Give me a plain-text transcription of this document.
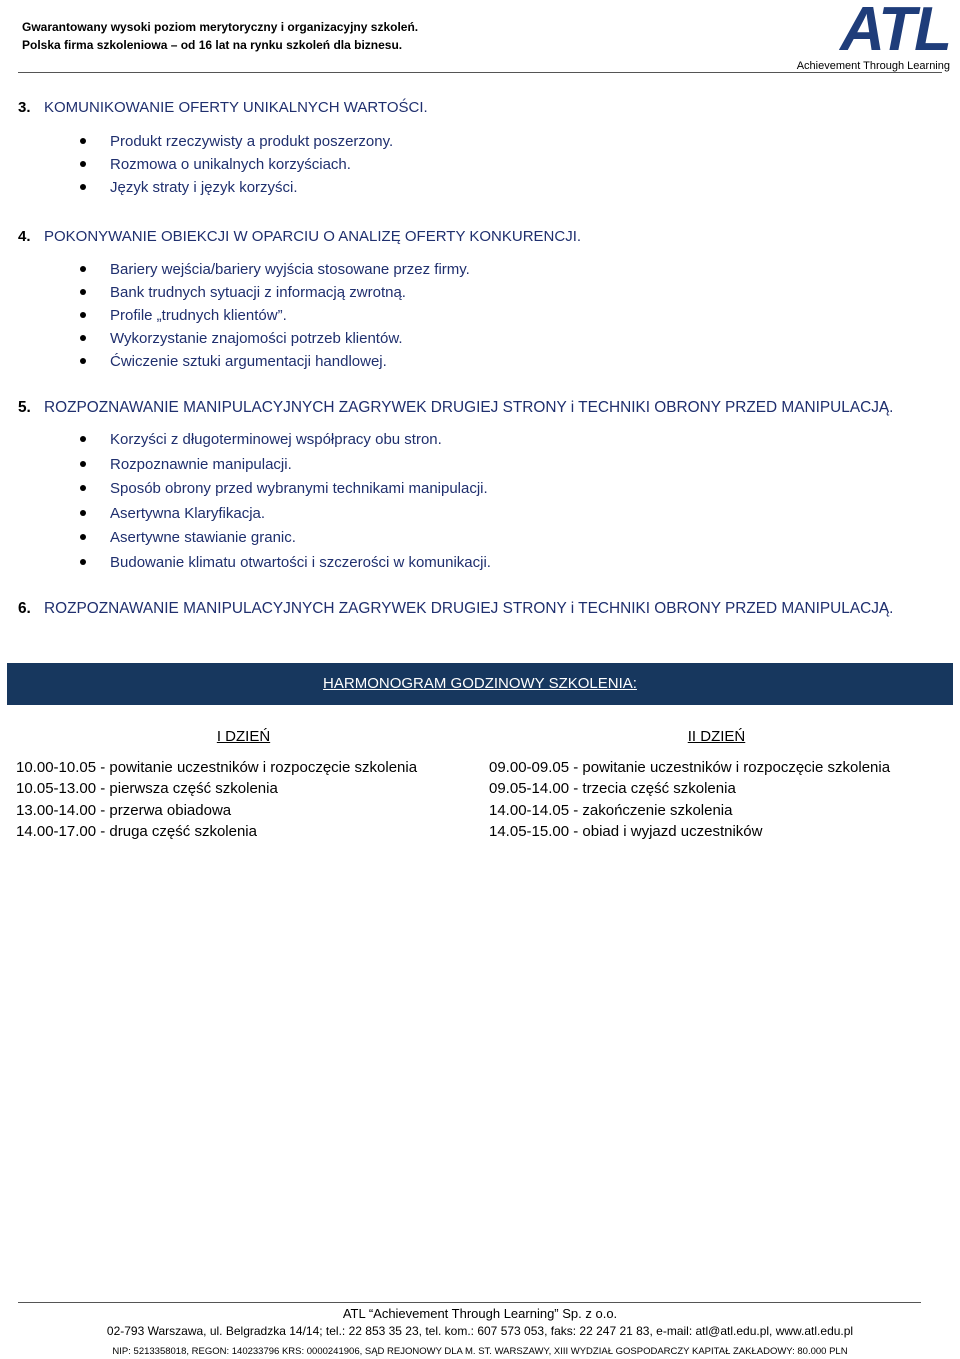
Gwarantowany wysoki poziom merytoryczny i organizacyjny szkoleń.
Polska firma szkoleniowa – od 16 lat na rynku szkoleń dla biznesu.	ATL
Achievement Through Learning
3. KOMUNIKOWANIE OFERTY UNIKALNYCH WARTOŚCI.
Produkt rzeczywisty a produkt poszerzony.
Rozmowa o unikalnych korzyściach.
Język straty i język korzyści.
4. POKONYWANIE OBIEKCJI W OPARCIU O ANALIZĘ OFERTY KONKURENCJI.
Bariery wejścia/bariery wyjścia stosowane przez firmy.
Bank trudnych sytuacji z informacją zwrotną.
Profile „trudnych klientów”.
Wykorzystanie znajomości potrzeb klientów.
Ćwiczenie sztuki argumentacji handlowej.
5. ROZPOZNAWANIE MANIPULACYJNYCH ZAGRYWEK DRUGIEJ STRONY i TECHNIKI OBRONY PRZED MANIPULACJĄ.
Korzyści z długoterminowej współpracy obu stron.
Rozpoznawnie manipulacji.
Sposób obrony przed wybranymi technikami manipulacji.
Asertywna Klaryfikacja.
Asertywne stawianie granic.
Budowanie klimatu otwartości i szczerości w komunikacji.
6. ROZPOZNAWANIE MANIPULACYJNYCH ZAGRYWEK DRUGIEJ STRONY i TECHNIKI OBRONY PRZED MANIPULACJĄ.
HARMONOGRAM GODZINOWY SZKOLENIA:
I DZIEŃ	II DZIEŃ
10.00-10.05 - powitanie uczestników i rozpoczęcie szkolenia
10.05-13.00 - pierwsza część szkolenia
13.00-14.00 - przerwa obiadowa
14.00-17.00 - druga część szkolenia
09.00-09.05 - powitanie uczestników i rozpoczęcie szkolenia
09.05-14.00 - trzecia część szkolenia
14.00-14.05 - zakończenie szkolenia
14.05-15.00 - obiad i wyjazd uczestników
ATL “Achievement Through Learning” Sp. z o.o.
02-793 Warszawa, ul. Belgradzka 14/14; tel.: 22 853 35 23, tel. kom.: 607 573 053, faks: 22 247 21 83, e-mail: atl@atl.edu.pl, www.atl.edu.pl
NIP: 5213358018, REGON: 140233796 KRS: 0000241906, SĄD REJONOWY DLA M. ST. WARSZAWY, XIII WYDZIAŁ GOSPODARCZY KAPITAŁ ZAKŁADOWY: 80.000 PLN
